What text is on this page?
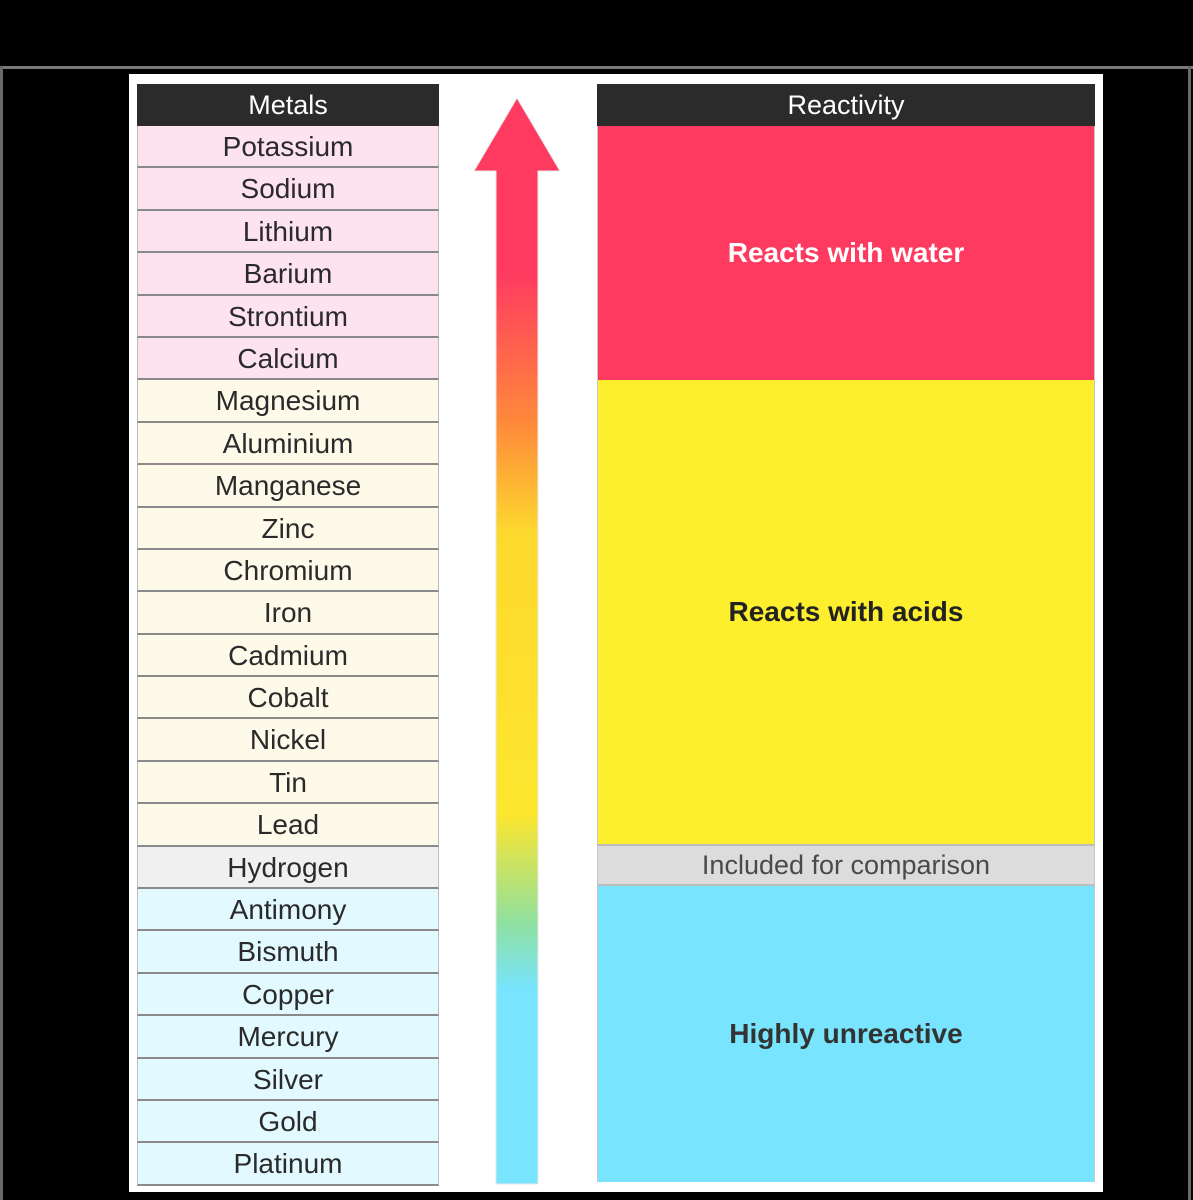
Metals
Potassium
Sodium
Lithium
Barium
Strontium
Calcium
Magnesium
Aluminium
Manganese
Zinc
Chromium
Iron
Cadmium
Cobalt
Nickel
Tin
Lead
Hydrogen
Antimony
Bismuth
Copper
Mercury
Silver
Gold
Platinum
Reactivity
Reacts with water
Reacts with acids
Included for comparison
Highly unreactive
